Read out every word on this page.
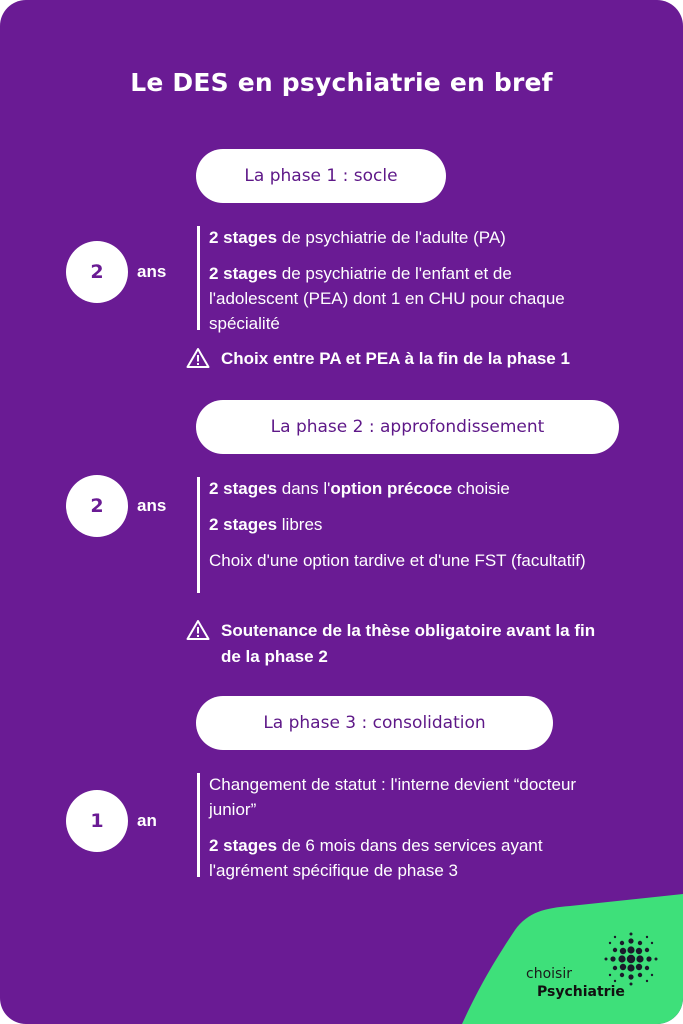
Le DES en psychiatrie en bref
La phase 1 : socle
2 ans
2 stages de psychiatrie de l'adulte (PA)
2 stages de psychiatrie de l'enfant et de l'adolescent (PEA) dont 1 en CHU pour chaque spécialité
Choix entre PA et PEA à la fin de la phase 1
La phase 2 : approfondissement
2 ans
2 stages dans l'option précoce choisie
2 stages libres
Choix d'une option tardive et d'une FST (facultatif)
Soutenance de la thèse obligatoire avant la fin de la phase 2
La phase 3 : consolidation
1 an
Changement de statut : l'interne devient “docteur junior”
2 stages de 6 mois dans des services ayant l'agrément spécifique de phase 3
choisir
Psychiatrie
